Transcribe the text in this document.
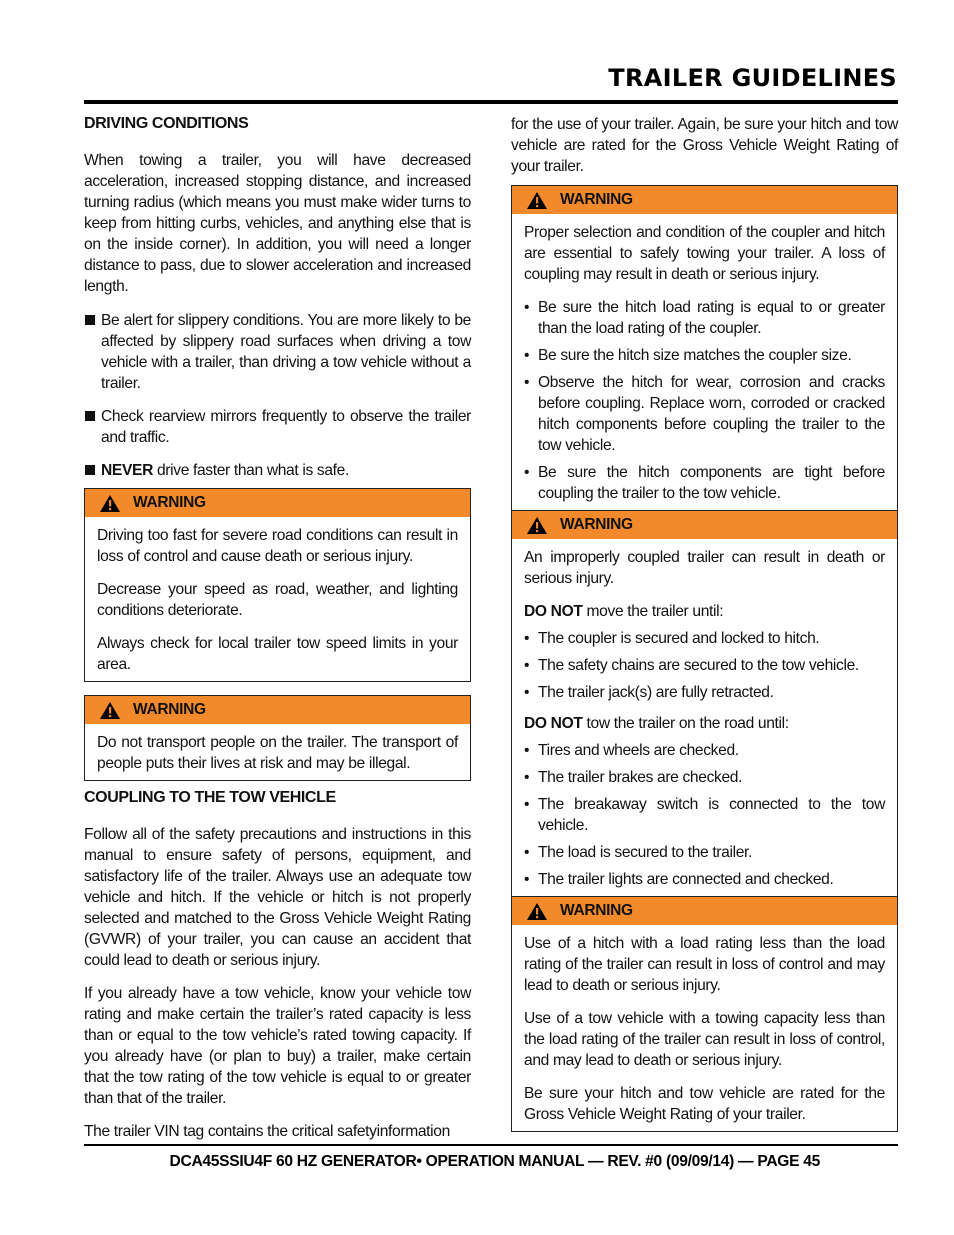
TRAILER GUIDELINES
DRIVING CONDITIONS

When towing a trailer, you will have decreased acceleration, increased stopping distance, and increased turning radius (which means you must make wider turns to keep from hitting curbs, vehicles, and anything else that is on the inside corner). In addition, you will need a longer distance to pass, due to slower acceleration and increased length.

Be alert for slippery conditions. You are more likely to be affected by slippery road surfaces when driving a tow vehicle with a trailer, than driving a tow vehicle without a trailer.
Check rearview mirrors frequently to observe the trailer and traffic.
NEVER drive faster than what is safe.
WARNING

Driving too fast for severe road conditions can result in loss of control and cause death or serious injury.

Decrease your speed as road, weather, and lighting conditions deteriorate.

Always check for local trailer tow speed limits in your area.

WARNING

Do not transport people on the trailer. The transport of people puts their lives at risk and may be illegal.

COUPLING TO THE TOW VEHICLE

Follow all of the safety precautions and instructions in this manual to ensure safety of persons, equipment, and satisfactory life of the trailer. Always use an adequate tow vehicle and hitch. If the vehicle or hitch is not properly selected and matched to the Gross Vehicle Weight Rating (GVWR) of your trailer, you can cause an accident that could lead to death or serious injury.

If you already have a tow vehicle, know your vehicle tow rating and make certain the trailer’s rated capacity is less than or equal to the tow vehicle’s rated towing capacity. If you already have (or plan to buy) a trailer, make certain that the tow rating of the tow vehicle is equal to or greater than that of the trailer.

The trailer VIN tag contains the critical safetyinformation

for the use of your trailer. Again, be sure your hitch and tow vehicle are rated for the Gross Vehicle Weight Rating of your trailer.

WARNING

Proper selection and condition of the coupler and hitch are essential to safely towing your trailer. A loss of coupling may result in death or serious injury.

• Be sure the hitch load rating is equal to or greater than the load rating of the coupler.
• Be sure the hitch size matches the coupler size.
• Observe the hitch for wear, corrosion and cracks before coupling. Replace worn, corroded or cracked hitch components before coupling the trailer to the tow vehicle.
• Be sure the hitch components are tight before coupling the trailer to the tow vehicle.
WARNING

An improperly coupled trailer can result in death or serious injury.

DO NOT move the trailer until:

• The coupler is secured and locked to hitch.
• The safety chains are secured to the tow vehicle.
• The trailer jack(s) are fully retracted.

DO NOT tow the trailer on the road until:

• Tires and wheels are checked.
• The trailer brakes are checked.
• The breakaway switch is connected to the tow vehicle.
• The load is secured to the trailer.
• The trailer lights are connected and checked.
WARNING

Use of a hitch with a load rating less than the load rating of the trailer can result in loss of control and may lead to death or serious injury.

Use of a tow vehicle with a towing capacity less than the load rating of the trailer can result in loss of control, and may lead to death or serious injury.

Be sure your hitch and tow vehicle are rated for the Gross Vehicle Weight Rating of your trailer.

DCA45SSIU4F 60 HZ GENERATOR• OPERATION MANUAL — REV. #0 (09/09/14) — PAGE 45
